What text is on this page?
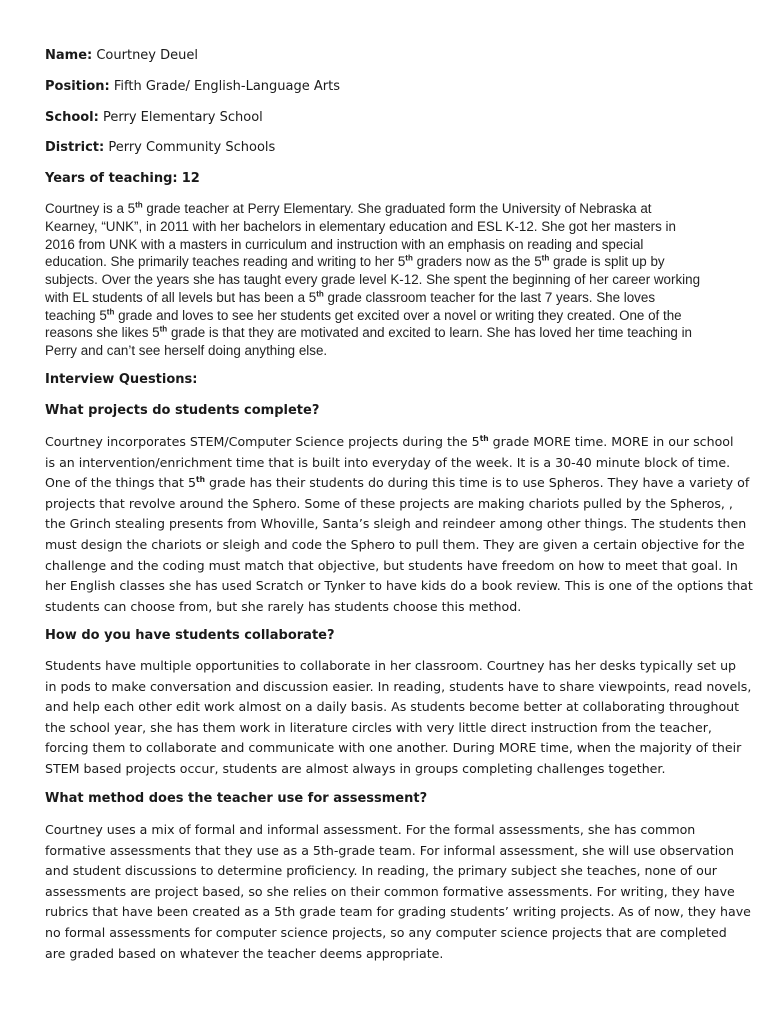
Name: Courtney Deuel

Position: Fifth Grade/ English-Language Arts

School: Perry Elementary School

District: Perry Community Schools

Years of teaching: 12

Courtney is a 5th grade teacher at Perry Elementary. She graduated form the University of Nebraska at
Kearney, “UNK”, in 2011 with her bachelors in elementary education and ESL K-12. She got her masters in
2016 from UNK with a masters in curriculum and instruction with an emphasis on reading and special
education. She primarily teaches reading and writing to her 5th graders now as the 5th grade is split up by
subjects. Over the years she has taught every grade level K-12. She spent the beginning of her career working
with EL students of all levels but has been a 5th grade classroom teacher for the last 7 years. She loves
teaching 5th grade and loves to see her students get excited over a novel or writing they created. One of the
reasons she likes 5th grade is that they are motivated and excited to learn. She has loved her time teaching in
Perry and can’t see herself doing anything else.

Interview Questions:

What projects do students complete?

Courtney incorporates STEM/Computer Science projects during the 5th grade MORE time. MORE in our school
is an intervention/enrichment time that is built into everyday of the week. It is a 30-40 minute block of time.
One of the things that 5th grade has their students do during this time is to use Spheros. They have a variety of
projects that revolve around the Sphero. Some of these projects are making chariots pulled by the Spheros, ,
the Grinch stealing presents from Whoville, Santa’s sleigh and reindeer among other things. The students then
must design the chariots or sleigh and code the Sphero to pull them. They are given a certain objective for the
challenge and the coding must match that objective, but students have freedom on how to meet that goal. In
her English classes she has used Scratch or Tynker to have kids do a book review. This is one of the options that
students can choose from, but she rarely has students choose this method.

How do you have students collaborate?

Students have multiple opportunities to collaborate in her classroom. Courtney has her desks typically set up
in pods to make conversation and discussion easier. In reading, students have to share viewpoints, read novels,
and help each other edit work almost on a daily basis. As students become better at collaborating throughout
the school year, she has them work in literature circles with very little direct instruction from the teacher,
forcing them to collaborate and communicate with one another. During MORE time, when the majority of their
STEM based projects occur, students are almost always in groups completing challenges together.

What method does the teacher use for assessment?

Courtney uses a mix of formal and informal assessment. For the formal assessments, she has common
formative assessments that they use as a 5th-grade team. For informal assessment, she will use observation
and student discussions to determine proficiency. In reading, the primary subject she teaches, none of our
assessments are project based, so she relies on their common formative assessments. For writing, they have
rubrics that have been created as a 5th grade team for grading students’ writing projects. As of now, they have
no formal assessments for computer science projects, so any computer science projects that are completed
are graded based on whatever the teacher deems appropriate.
